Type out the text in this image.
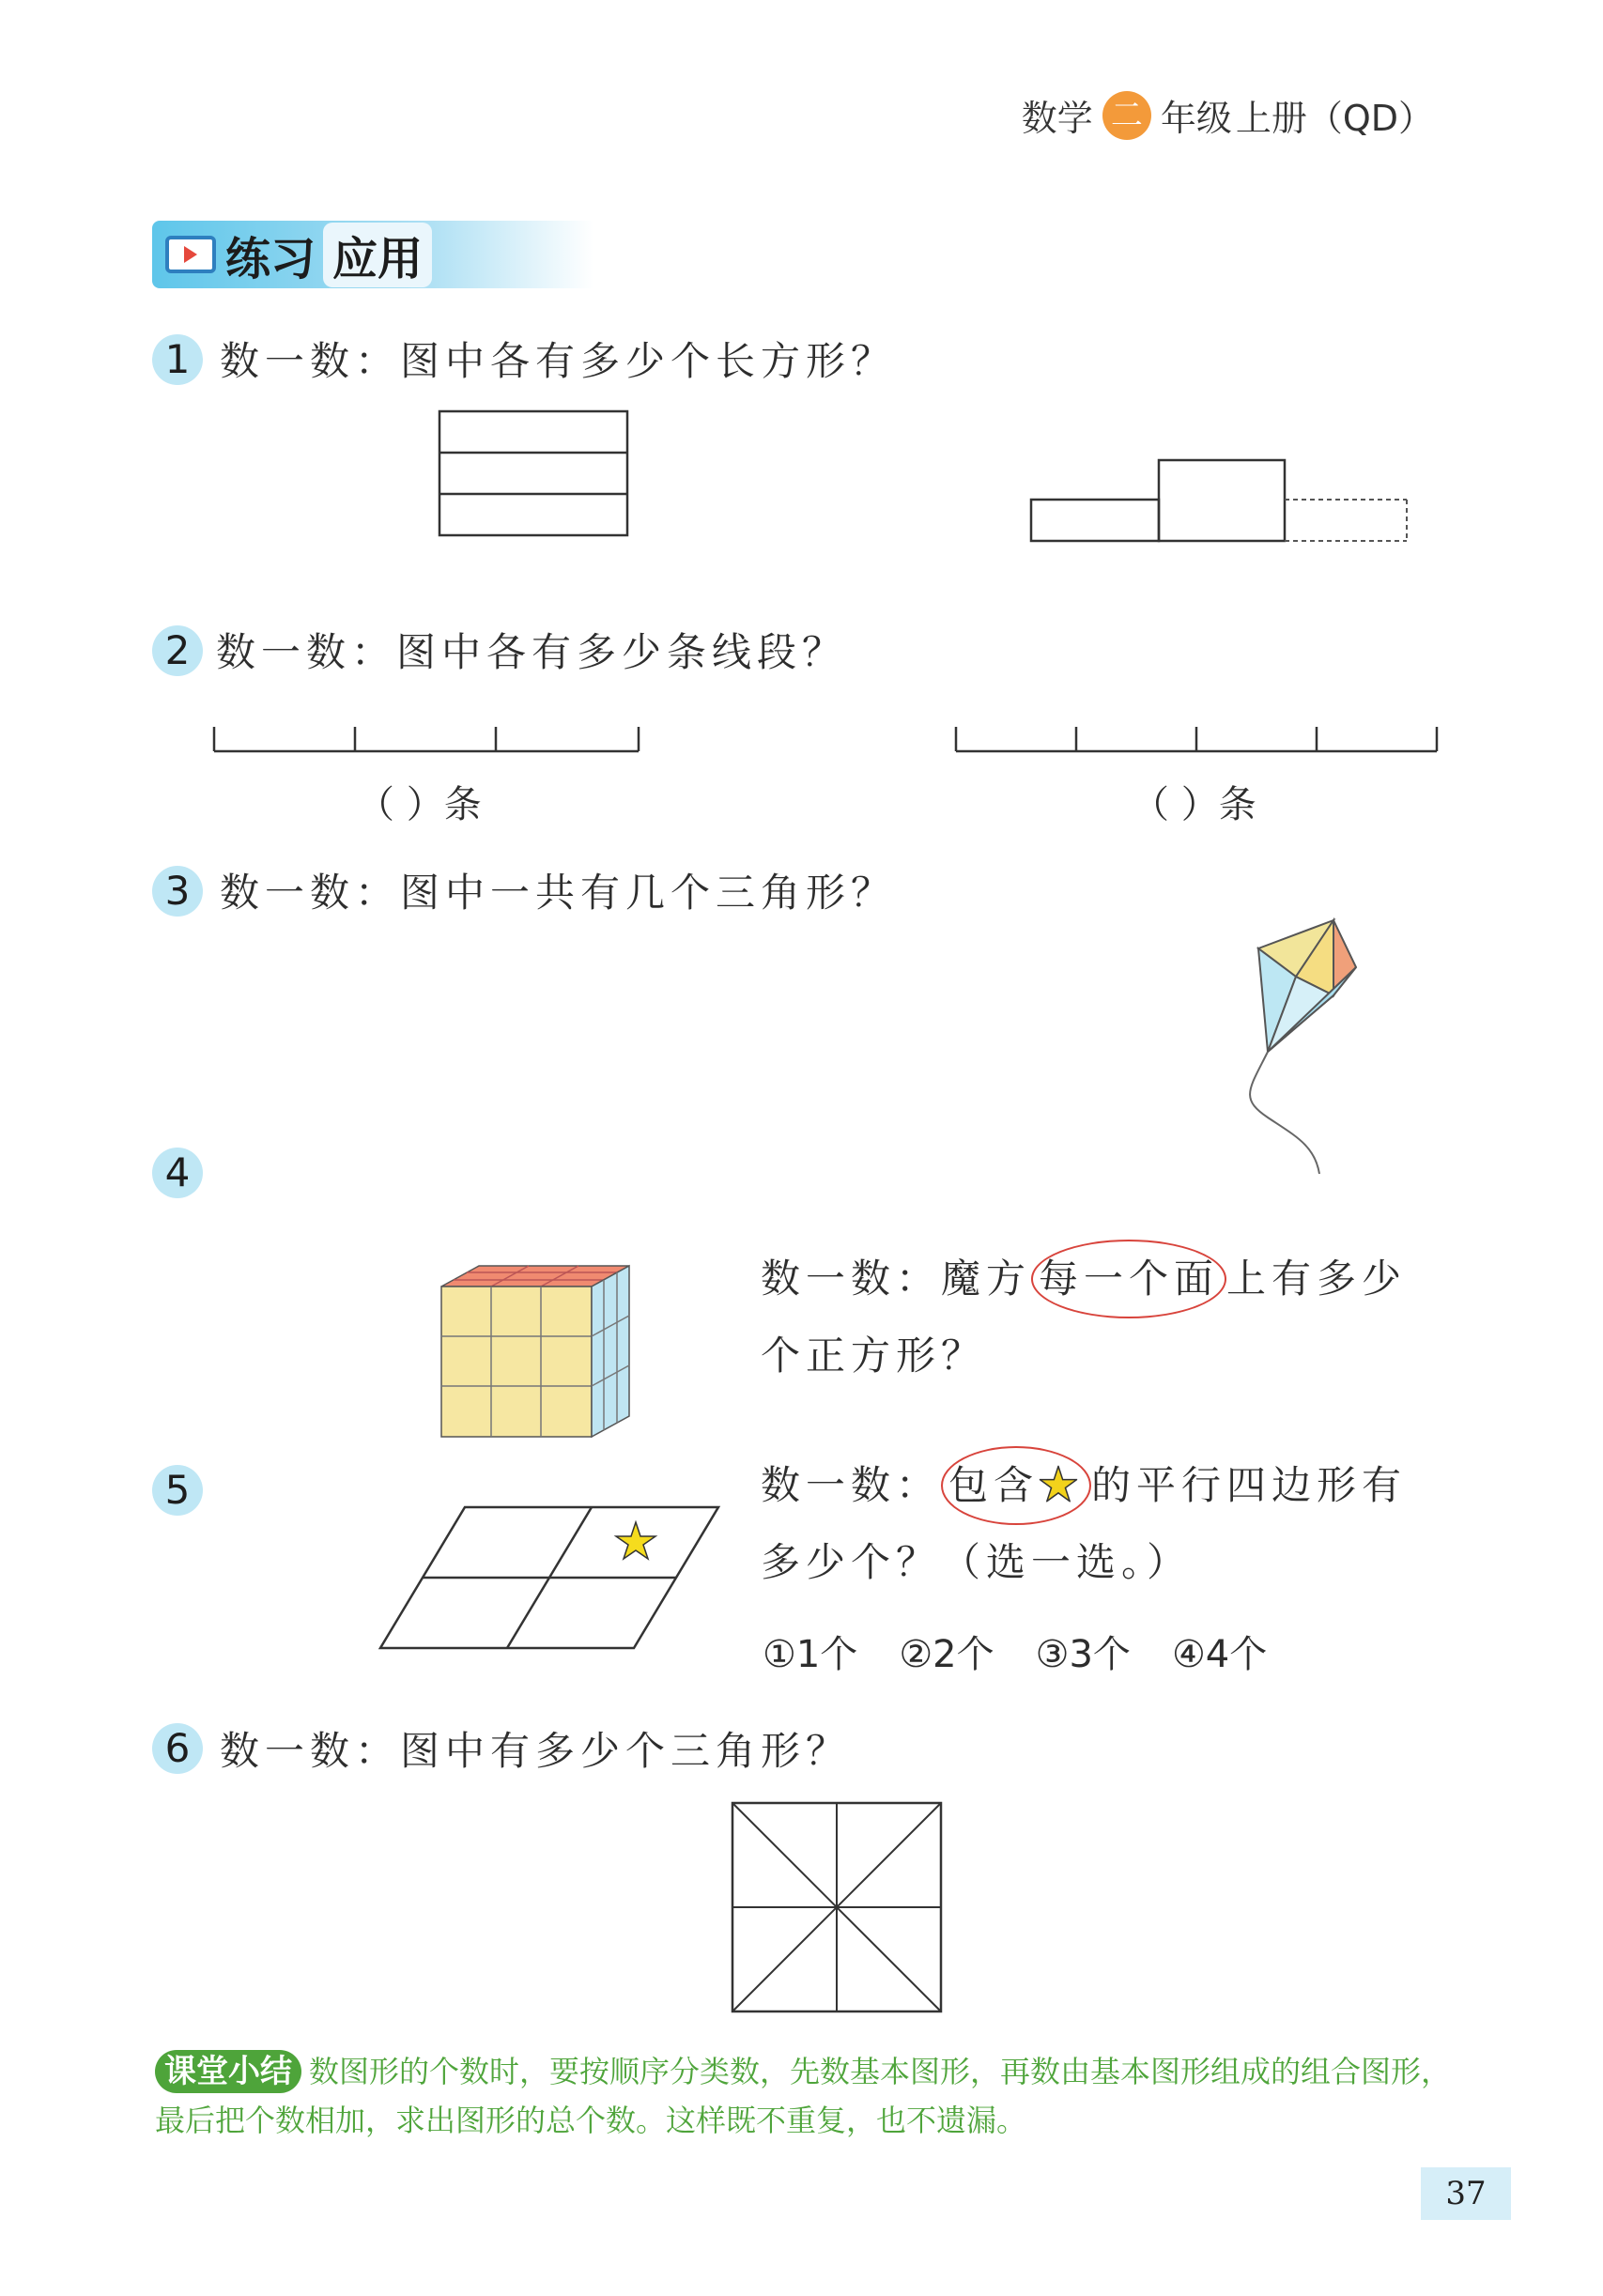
数学 二 年级 上册（QD）
练习 应用
1 数一数：图中各有多少个长方形？
2 数一数：图中各有多少条线段？
（ ）条	（ ）条
3 数一数：图中一共有几个三角形？
4
数一数：魔方 每一个面 上有多少个正方形？
5	数一数： 包含★ 的平行四边形有多少个？（选一选。）
①1个 ②2个 ③3个 ④4个
6 数一数：图中有多少个三角形？
课堂小结 数图形的个数时，要按顺序分类数，先数基本图形，再数由基本图形组成的组合图形，最后把个数相加，求出图形的总个数。这样既不重复，也不遗漏。
37
